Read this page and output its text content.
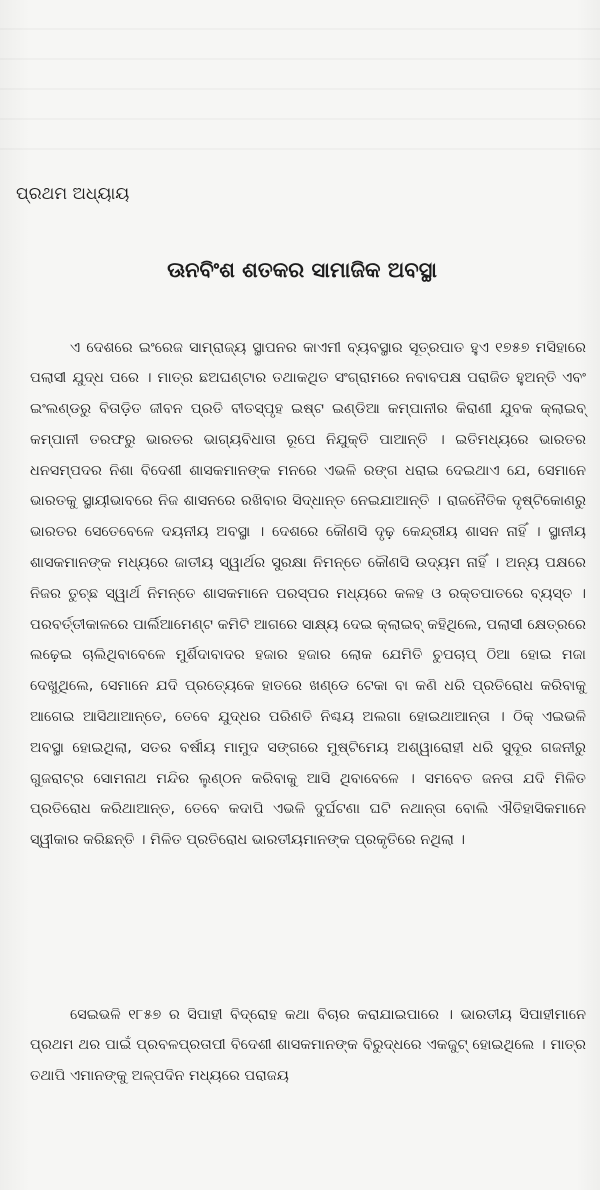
ପ୍ରଥମ ଅଧ୍ୟାୟ
ଊନବିଂଶ ଶତକର ସାମାଜିକ ଅବସ୍ଥା

ଏ ଦେଶରେ ଇଂରେଜ ସାମ୍ରାଜ୍ୟ ସ୍ଥାପନର କାଏମୀ ବ୍ୟବସ୍ଥାର ସୂତ୍ରପାତ ହୁଏ ୧୭୫୭ ମସିହାରେ ପଲାସୀ ଯୁଦ୍ଧ ପରେ । ମାତ୍ର ଛଅଘଣ୍ଟାର ତଥାକଥିତ ସଂଗ୍ରାମରେ ନବାବପକ୍ଷ ପରାଜିତ ହୁଅନ୍ତି ଏବଂ ଇଂଲଣ୍ଡରୁ ବିତାଡ଼ିତ ଜୀବନ ପ୍ରତି ବୀତସ୍ପୃହ ଇଷ୍ଟ ଇଣ୍ଡିଆ କମ୍ପାନୀର କିରାଣୀ ଯୁବକ କ୍ଲାଇବ୍ କମ୍ପାନୀ ତରଫରୁ ଭାରତର ଭାଗ୍ୟବିଧାତା ରୂପେ ନିଯୁକ୍ତି ପାଆନ୍ତି । ଇତିମଧ୍ୟରେ ଭାରତର ଧନସମ୍ପଦର ନିଶା ବିଦେଶୀ ଶାସକମାନଙ୍କ ମନରେ ଏଭଳି ରଙ୍ଗ ଧରାଇ ଦେଇଥାଏ ଯେ, ସେମାନେ ଭାରତକୁ ସ୍ଥାୟୀଭାବରେ ନିଜ ଶାସନରେ ରଖିବାର ସିଦ୍ଧାନ୍ତ ନେଇଯାଆନ୍ତି । ରାଜନୈତିକ ଦୃଷ୍ଟିକୋଣରୁ ଭାରତର ସେତେବେଳେ ଦୟନୀୟ ଅବସ୍ଥା । ଦେଶରେ କୌଣସି ଦୃଢ଼ କେନ୍ଦ୍ରୀୟ ଶାସନ ନାହିଁ । ସ୍ଥାନୀୟ ଶାସକମାନଙ୍କ ମଧ୍ୟରେ ଜାତୀୟ ସ୍ୱାର୍ଥର ସୁରକ୍ଷା ନିମନ୍ତେ କୌଣସି ଉଦ୍ୟମ ନାହିଁ । ଅନ୍ୟ ପକ୍ଷରେ ନିଜର ତୁଚ୍ଛ ସ୍ୱାର୍ଥ ନିମନ୍ତେ ଶାସକମାନେ ପରସ୍ପର ମଧ୍ୟରେ କଳହ ଓ ରକ୍ତପାତରେ ବ୍ୟସ୍ତ । ପରବର୍ତ୍ତୀକାଳରେ ପାର୍ଲିଆମେଣ୍ଟ କମିଟି ଆଗରେ ସାକ୍ଷ୍ୟ ଦେଇ କ୍ଲାଇବ୍ କହିଥିଲେ, ପଲାସୀ କ୍ଷେତ୍ରରେ ଲଢ଼େଇ ଚାଲିଥିବାବେଳେ ମୁର୍ଶିଦାବାଦର ହଜାର ହଜାର ଲୋକ ଯେମିତି ଚୁପଚାପ୍ ଠିଆ ହୋଇ ମଜା ଦେଖୁଥିଲେ, ସେମାନେ ଯଦି ପ୍ରତ୍ୟେକେ ହାତରେ ଖଣ୍ଡେ ଟେକା ବା କଣି ଧରି ପ୍ରତିରୋଧ କରିବାକୁ ଆଗେଇ ଆସିଥାଆନ୍ତେ, ତେବେ ଯୁଦ୍ଧର ପରିଣତି ନିଶ୍ଚୟ ଅଲଗା ହୋଇଥାଆନ୍ତା । ଠିକ୍ ଏଇଭଳି ଅବସ୍ଥା ହୋଇଥିଲା, ସତର ବର୍ଷୀୟ ମାମୁଦ ସଙ୍ଗରେ ମୁଷ୍ଟିମେୟ ଅଶ୍ୱାରୋହୀ ଧରି ସୁଦୂର ଗଜନୀରୁ ଗୁଜରାଟ୍ର ସୋମନାଥ ମନ୍ଦିର ଲୁଣ୍ଠନ କରିବାକୁ ଆସି ଥିବାବେଳେ । ସମବେତ ଜନତା ଯଦି ମିଳିତ ପ୍ରତିରୋଧ କରିଥାଆନ୍ତ, ତେବେ କଦାପି ଏଭଳି ଦୁର୍ଘଟଣା ଘଟି ନଥାନ୍ତା ବୋଲି ଐତିହାସିକମାନେ ସ୍ୱୀକାର କରିଛନ୍ତି । ମିଳିତ ପ୍ରତିରୋଧ ଭାରତୀୟମାନଙ୍କ ପ୍ରକୃତିରେ ନଥିଲା ।

ସେଇଭଳି ୧୮୫୭ ର ସିପାହୀ ବିଦ୍ରୋହ କଥା ବିଚାର କରାଯାଇପାରେ । ଭାରତୀୟ ସିପାହୀମାନେ ପ୍ରଥମ ଥର ପାଇଁ ପ୍ରବଳପ୍ରତାପୀ ବିଦେଶୀ ଶାସକମାନଙ୍କ ବିରୁଦ୍ଧରେ ଏକଜୁଟ୍ ହୋଇଥିଲେ । ମାତ୍ର ତଥାପି ଏମାନଙ୍କୁ ଅଳ୍ପଦିନ ମଧ୍ୟରେ ପରାଜୟ
